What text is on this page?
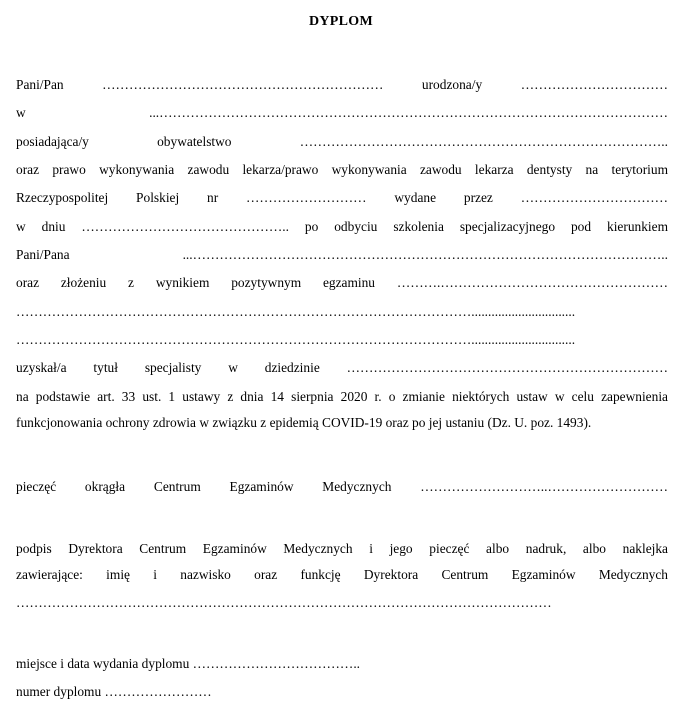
DYPLOM
Pani/Pan ……………………………………………………… urodzona/y ……………………………
w ...……………………………………………………………………………………………………
posiadająca/y obywatelstwo ………………………………………………………………………..
oraz prawo wykonywania zawodu lekarza/prawo wykonywania zawodu lekarza dentysty na terytorium
Rzeczypospolitej Polskiej nr ……………………… wydane przez ……………………………
w dniu ……………………………………….. po odbyciu szkolenia specjalizacyjnego pod kierunkiem
Pani/Pana ...……………………………………………………………………………………………..
oraz złożeniu z wynikiem pozytywnym egzaminu ……….……………………………………………
…………………………………………………………………………………………...............................
…………………………………………………………………………………………...............................
uzyskał/a tytuł specjalisty w dziedzinie ………………………………………………………………
na podstawie art. 33 ust. 1 ustawy z dnia 14 sierpnia 2020 r. o zmianie niektórych ustaw w celu zapewnienia
funkcjonowania ochrony zdrowia w związku z epidemią COVID-19 oraz po jej ustaniu (Dz. U. poz. 1493).
pieczęć okrągła Centrum Egzaminów Medycznych ………………………..………………………
podpis Dyrektora Centrum Egzaminów Medycznych i jego pieczęć albo nadruk, albo naklejka
zawierające: imię i nazwisko oraz funkcję Dyrektora Centrum Egzaminów Medycznych
…………………………………………………………………………………………………………
miejsce i data wydania dyplomu ………………………………..
numer dyplomu ……………………
